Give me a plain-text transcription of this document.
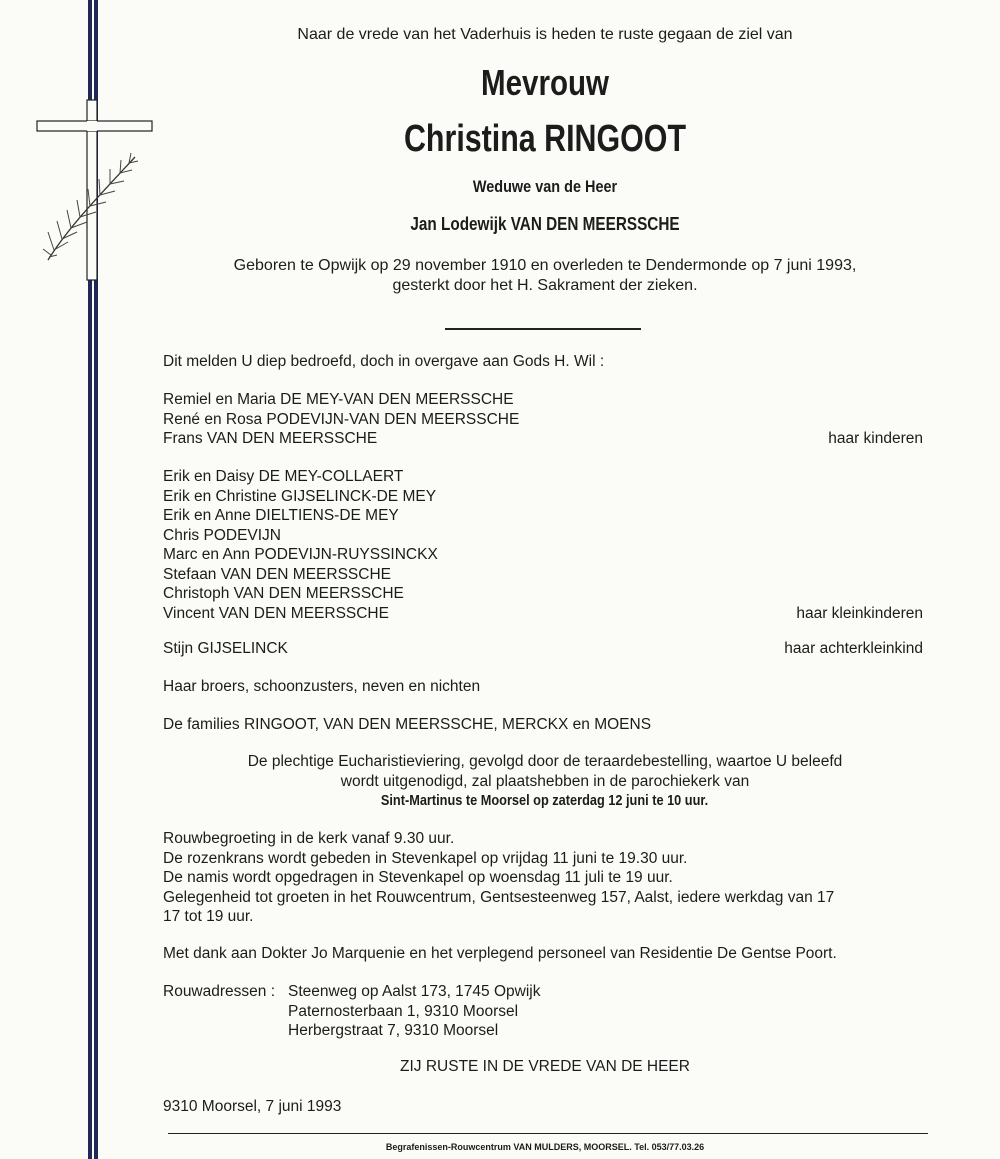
Naar de vrede van het Vaderhuis is heden te ruste gegaan de ziel van
Mevrouw
Christina RINGOOT
Weduwe van de Heer
Jan Lodewijk VAN DEN MEERSSCHE
Geboren te Opwijk op 29 november 1910 en overleden te Dendermonde op 7 juni 1993,
gesterkt door het H. Sakrament der zieken.
Dit melden U diep bedroefd, doch in overgave aan Gods H. Wil :
Remiel en Maria DE MEY-VAN DEN MEERSSCHE
René en Rosa PODEVIJN-VAN DEN MEERSSCHE
Frans VAN DEN MEERSSCHE	haar kinderen
Erik en Daisy DE MEY-COLLAERT
Erik en Christine GIJSELINCK-DE MEY
Erik en Anne DIELTIENS-DE MEY
Chris PODEVIJN
Marc en Ann PODEVIJN-RUYSSINCKX
Stefaan VAN DEN MEERSSCHE
Christoph VAN DEN MEERSSCHE
Vincent VAN DEN MEERSSCHE	haar kleinkinderen
Stijn GIJSELINCK	haar achterkleinkind
Haar broers, schoonzusters, neven en nichten
De families RINGOOT, VAN DEN MEERSSCHE, MERCKX en MOENS
De plechtige Eucharistieviering, gevolgd door de teraardebestelling, waartoe U beleefd
wordt uitgenodigd, zal plaatshebben in de parochiekerk van
Sint-Martinus te Moorsel op zaterdag 12 juni te 10 uur.
Rouwbegroeting in de kerk vanaf 9.30 uur.
De rozenkrans wordt gebeden in Stevenkapel op vrijdag 11 juni te 19.30 uur.
De namis wordt opgedragen in Stevenkapel op woensdag 11 juli te 19 uur.
Gelegenheid tot groeten in het Rouwcentrum, Gentsesteenweg 157, Aalst, iedere werkdag van 17
17 tot 19 uur.
Met dank aan Dokter Jo Marquenie en het verplegend personeel van Residentie De Gentse Poort.
Rouwadressen : Steenweg op Aalst 173, 1745 Opwijk
Paternosterbaan 1, 9310 Moorsel
Herbergstraat 7, 9310 Moorsel
ZIJ RUSTE IN DE VREDE VAN DE HEER
9310 Moorsel, 7 juni 1993
Begrafenissen-Rouwcentrum VAN MULDERS, MOORSEL. Tel. 053/77.03.26
